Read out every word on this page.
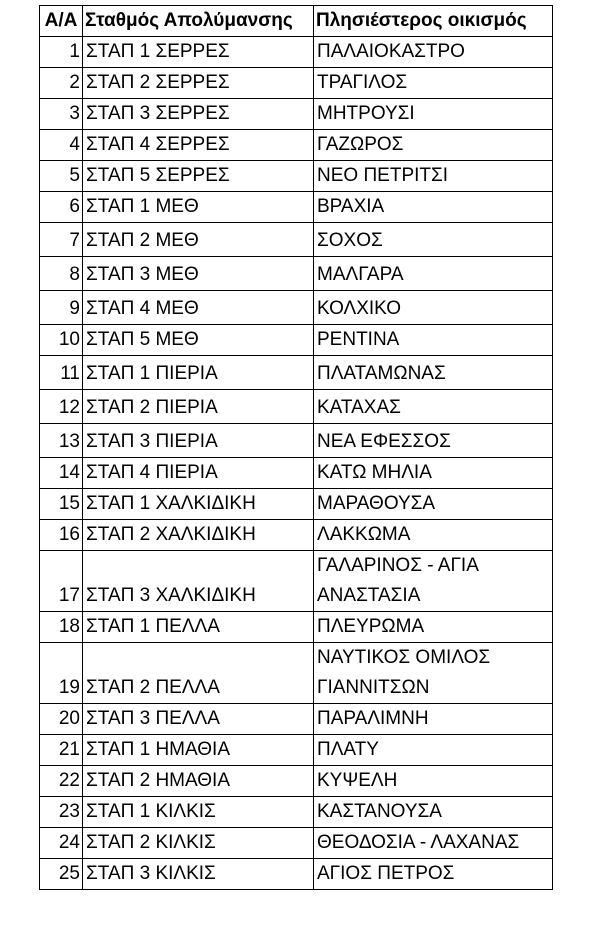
Α/Α	Σταθμός Απολύμανσης	Πλησιέστερος οικισμός
1	ΣΤΑΠ 1 ΣΕΡΡΕΣ	ΠΑΛΑΙΟΚΑΣΤΡΟ
2	ΣΤΑΠ 2 ΣΕΡΡΕΣ	ΤΡΑΓΙΛΟΣ
3	ΣΤΑΠ 3 ΣΕΡΡΕΣ	ΜΗΤΡΟΥΣΙ
4	ΣΤΑΠ 4 ΣΕΡΡΕΣ	ΓΑΖΩΡΟΣ
5	ΣΤΑΠ 5 ΣΕΡΡΕΣ	ΝΕΟ ΠΕΤΡΙΤΣΙ
6	ΣΤΑΠ 1 ΜΕΘ	ΒΡΑΧΙΑ
7	ΣΤΑΠ 2 ΜΕΘ	ΣΟΧΟΣ
8	ΣΤΑΠ 3 ΜΕΘ	ΜΑΛΓΑΡΑ
9	ΣΤΑΠ 4 ΜΕΘ	ΚΟΛΧΙΚΟ
10	ΣΤΑΠ 5 ΜΕΘ	ΡΕΝΤΙΝΑ
11	ΣΤΑΠ 1 ΠΙΕΡΙΑ	ΠΛΑΤΑΜΩΝΑΣ
12	ΣΤΑΠ 2 ΠΙΕΡΙΑ	ΚΑΤΑΧΑΣ
13	ΣΤΑΠ 3 ΠΙΕΡΙΑ	ΝΕΑ ΕΦΕΣΣΟΣ
14	ΣΤΑΠ 4 ΠΙΕΡΙΑ	ΚΑΤΩ ΜΗΛΙΑ
15	ΣΤΑΠ 1 ΧΑΛΚΙΔΙΚΗ	ΜΑΡΑΘΟΥΣΑ
16	ΣΤΑΠ 2 ΧΑΛΚΙΔΙΚΗ	ΛΑΚΚΩΜΑ
17	ΣΤΑΠ 3 ΧΑΛΚΙΔΙΚΗ	ΓΑΛΑΡΙΝΟΣ - ΑΓΙΑ ΑΝΑΣΤΑΣΙΑ
18	ΣΤΑΠ 1 ΠΕΛΛΑ	ΠΛΕΥΡΩΜΑ
19	ΣΤΑΠ 2 ΠΕΛΛΑ	ΝΑΥΤΙΚΟΣ ΟΜΙΛΟΣ ΓΙΑΝΝΙΤΣΩΝ
20	ΣΤΑΠ 3 ΠΕΛΛΑ	ΠΑΡΑΛΙΜΝΗ
21	ΣΤΑΠ 1 ΗΜΑΘΙΑ	ΠΛΑΤΥ
22	ΣΤΑΠ 2 ΗΜΑΘΙΑ	ΚΥΨΕΛΗ
23	ΣΤΑΠ 1 ΚΙΛΚΙΣ	ΚΑΣΤΑΝΟΥΣΑ
24	ΣΤΑΠ 2 ΚΙΛΚΙΣ	ΘΕΟΔΟΣΙΑ - ΛΑΧΑΝΑΣ
25	ΣΤΑΠ 3 ΚΙΛΚΙΣ	ΑΓΙΟΣ ΠΕΤΡΟΣ
